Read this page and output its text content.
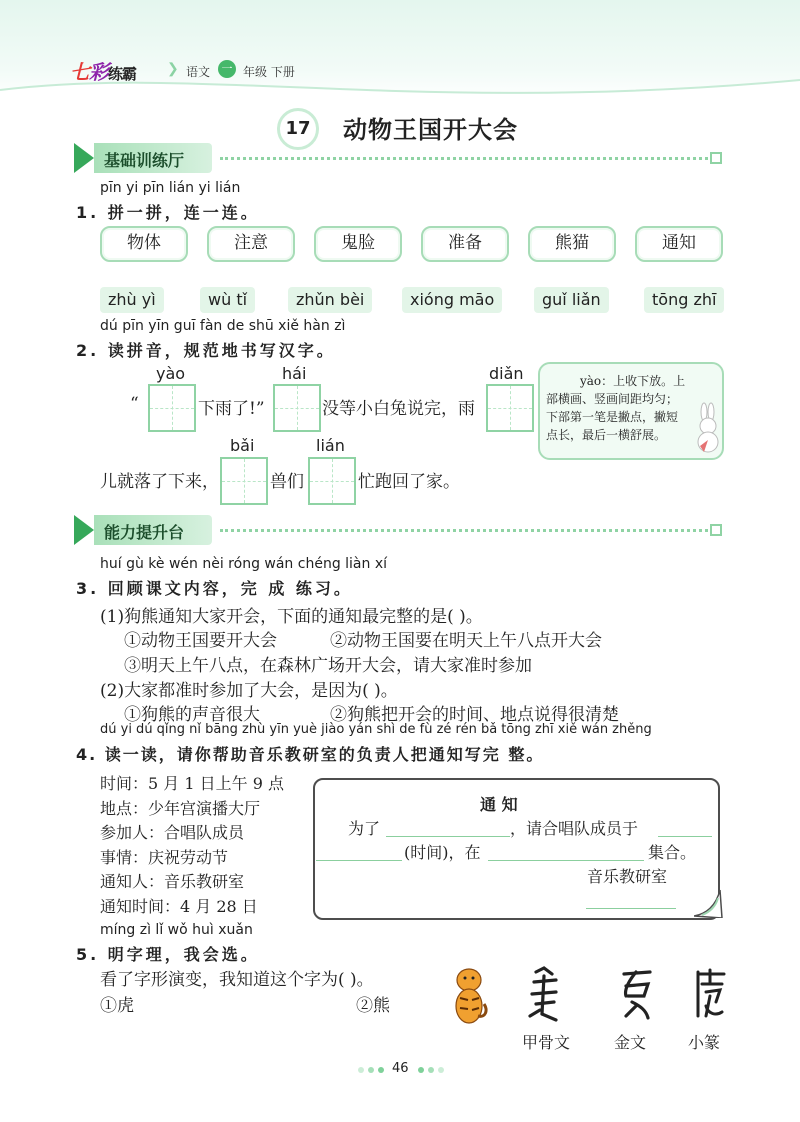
七彩练霸 ❯ 语文	一 年级 下册
17	动物王国开大会
基础训练厅
pīn yi pīn lián yi lián
1. 拼一拼，连一连。
物体	注意	鬼脸	准备	熊猫	通知
zhù yì	wù tǐ	zhǔn bèi	xióng māo	guǐ liǎn	tōng zhī
dú pīn yīn guī fàn de shū xiě hàn zì
2. 读拼音，规范地书写汉字。
yào	hái	diǎn
“	下雨了!”	没等小白兔说完，雨
bǎi	lián
儿就落了下来，	兽们	忙跑回了家。
yào：上收下放。上
部横画、竖画间距均匀；
下部第一笔是撇点，撇短
点长，最后一横舒展。
能力提升台
huí gù kè wén nèi róng wán chéng liàn xí
3. 回顾课文内容，完 成 练习。
(1)狗熊通知大家开会，下面的通知最完整的是( )。
①动物王国要开大会	②动物王国要在明天上午八点开大会
③明天上午八点，在森林广场开大会，请大家准时参加
(2)大家都准时参加了大会，是因为( )。
①狗熊的声音很大	②狗熊把开会的时间、地点说得很清楚
dú yi dú qǐng nǐ bāng zhù yīn yuè jiào yán shì de fù zé rén bǎ tōng zhī xiě wán zhěng
4. 读一读，请你帮助音乐教研室的负责人把通知写完 整。
时间：5 月 1 日上午 9 点
地点：少年宫演播大厅
参加人：合唱队成员
事情：庆祝劳动节
通知人：音乐教研室
通知时间：4 月 28 日
通 知
为了	，请合唱队成员于
(时间)，在	集合。
音乐教研室
míng zì lǐ wǒ huì xuǎn
5. 明字理，我会选。
看了字形演变，我知道这个字为( )。
①虎	②熊
甲骨文	金文	小篆
46
